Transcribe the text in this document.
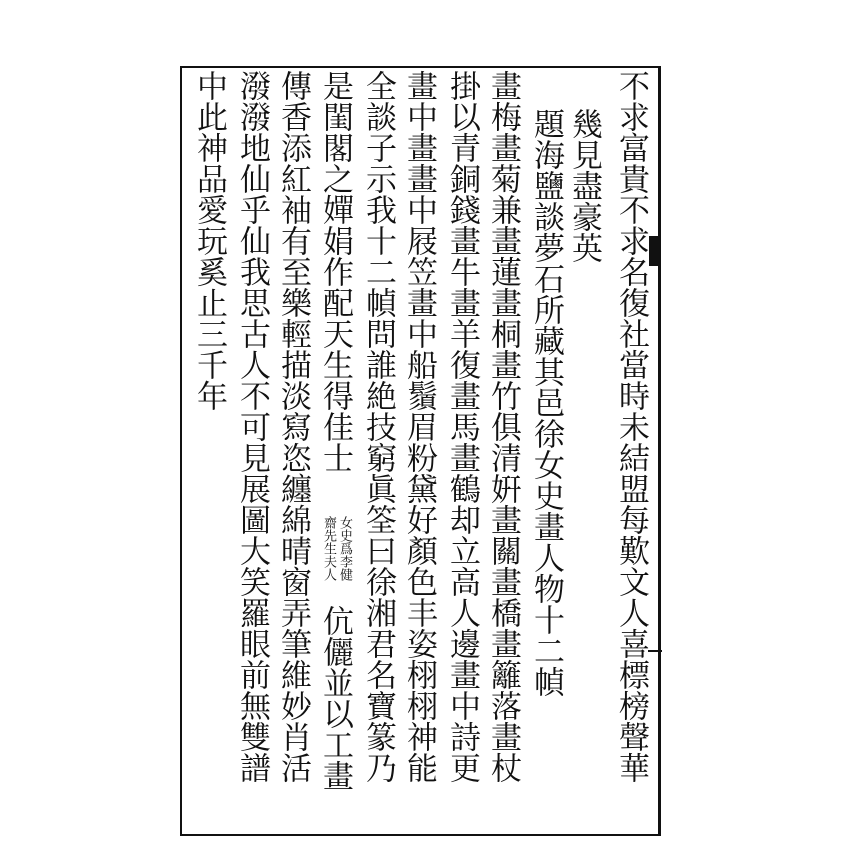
不求富貴不求名復社當時未結盟每歎文人喜標榜聲華
幾見盡豪英
題海鹽談夢石所藏其邑徐女史畫人物十二幀
畫梅畫菊兼畫蓮畫桐畫竹俱清姸畫關畫橋畫籬落畫杖
掛以青銅錢畫牛畫羊復畫馬畫鶴却立高人邊畫中詩更
畫中畫畫中屐笠畫中船鬚眉粉黛好顏色丰姿栩栩神能
全談子示我十二幀問誰絶技窮眞筌曰徐湘君名寶篆乃
是閨閣之嬋娟作配天生得佳士
女史爲李健
齋先生夫人
伉儷並以工畫
傳香添紅袖有至樂輕描淡寫恣纏綿晴窗弄筆維妙肖活
潑潑地仙乎仙我思古人不可見展圖大笑羅眼前無雙譜
中此神品愛玩奚止三千年
